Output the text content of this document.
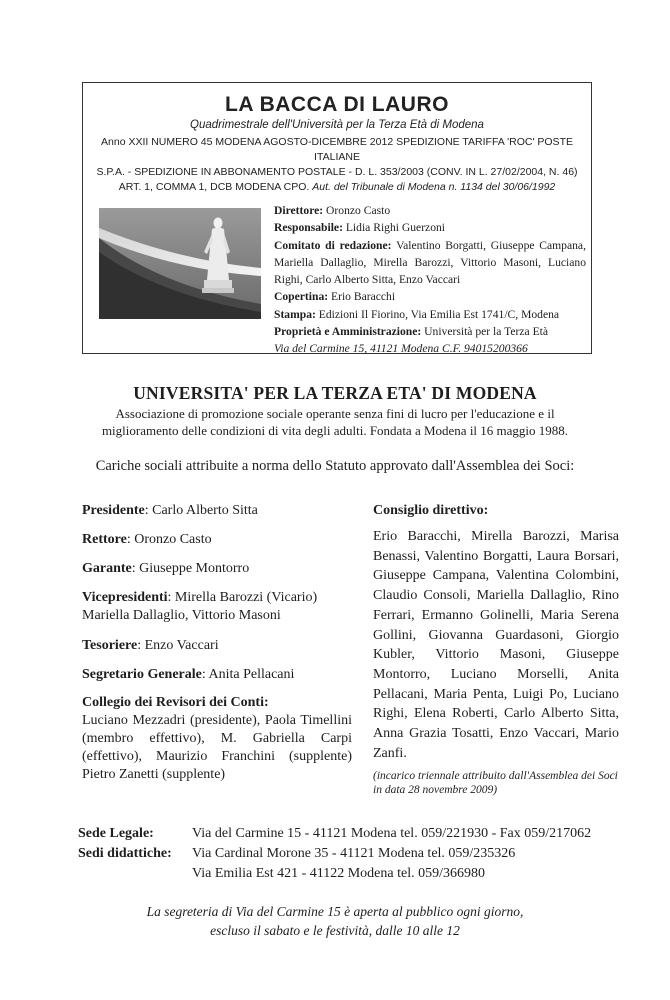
LA BACCA DI LAURO
Quadrimestrale dell'Università per la Terza Età di Modena
Anno XXII NUMERO 45 MODENA AGOSTO-DICEMBRE 2012 SPEDIZIONE TARIFFA 'ROC' POSTE ITALIANE
S.P.A. - SPEDIZIONE IN ABBONAMENTO POSTALE - D. L. 353/2003 (CONV. IN L. 27/02/2004, N. 46)
ART. 1, COMMA 1, DCB MODENA CPO. Aut. del Tribunale di Modena n. 1134 del 30/06/1992

Direttore: Oronzo Casto

Responsabile: Lidia Righi Guerzoni

Comitato di redazione: Valentino Borgatti, Giuseppe Campana, Mariella Dallaglio, Mirella Barozzi, Vittorio Masoni, Luciano Righi, Carlo Alberto Sitta, Enzo Vaccari

Copertina: Erio Baracchi

Stampa: Edizioni Il Fiorino, Via Emilia Est 1741/C, Modena

Proprietà e Amministrazione: Università per la Terza Età

Via del Carmine 15, 41121 Modena C.F. 94015200366

UNIVERSITA' PER LA TERZA ETA' DI MODENA
Associazione di promozione sociale operante senza fini di lucro per l'educazione e il
miglioramento delle condizioni di vita degli adulti. Fondata a Modena il 16 maggio 1988.
Cariche sociali attribuite a norma dello Statuto approvato dall'Assemblea dei Soci:
Presidente: Carlo Alberto Sitta
Rettore: Oronzo Casto
Garante: Giuseppe Montorro
Vicepresidenti: Mirella Barozzi (Vicario) Mariella Dallaglio, Vittorio Masoni
Tesoriere: Enzo Vaccari
Segretario Generale: Anita Pellacani
Collegio dei Revisori dei Conti:
Luciano Mezzadri (presidente), Paola Timellini (membro effettivo), M. Gabriella Carpi (effettivo), Maurizio Franchini (supplente) Pietro Zanetti (supplente)
Consiglio direttivo:
Erio Baracchi, Mirella Barozzi, Marisa Benassi, Valentino Borgatti, Laura Borsari, Giuseppe Campana, Valentina Colombini, Claudio Consoli, Mariella Dallaglio, Rino Ferrari, Ermanno Golinelli, Maria Serena Gollini, Giovanna Guardasoni, Giorgio Kubler, Vittorio Masoni, Giuseppe Montorro, Luciano Morselli, Anita Pellacani, Maria Penta, Luigi Po, Luciano Righi, Elena Roberti, Carlo Alberto Sitta, Anna Grazia Tosatti, Enzo Vaccari, Mario Zanfi.
(incarico triennale attribuito dall'Assemblea dei Soci in data 28 novembre 2009)
Sede Legale:	Via del Carmine 15 - 41121 Modena tel. 059/221930 - Fax 059/217062
Sedi didattiche: Via Cardinal Morone 35 - 41121 Modena tel. 059/235326
Via Emilia Est 421 - 41122 Modena tel. 059/366980
La segreteria di Via del Carmine 15 è aperta al pubblico ogni giorno,
escluso il sabato e le festività, dalle 10 alle 12
